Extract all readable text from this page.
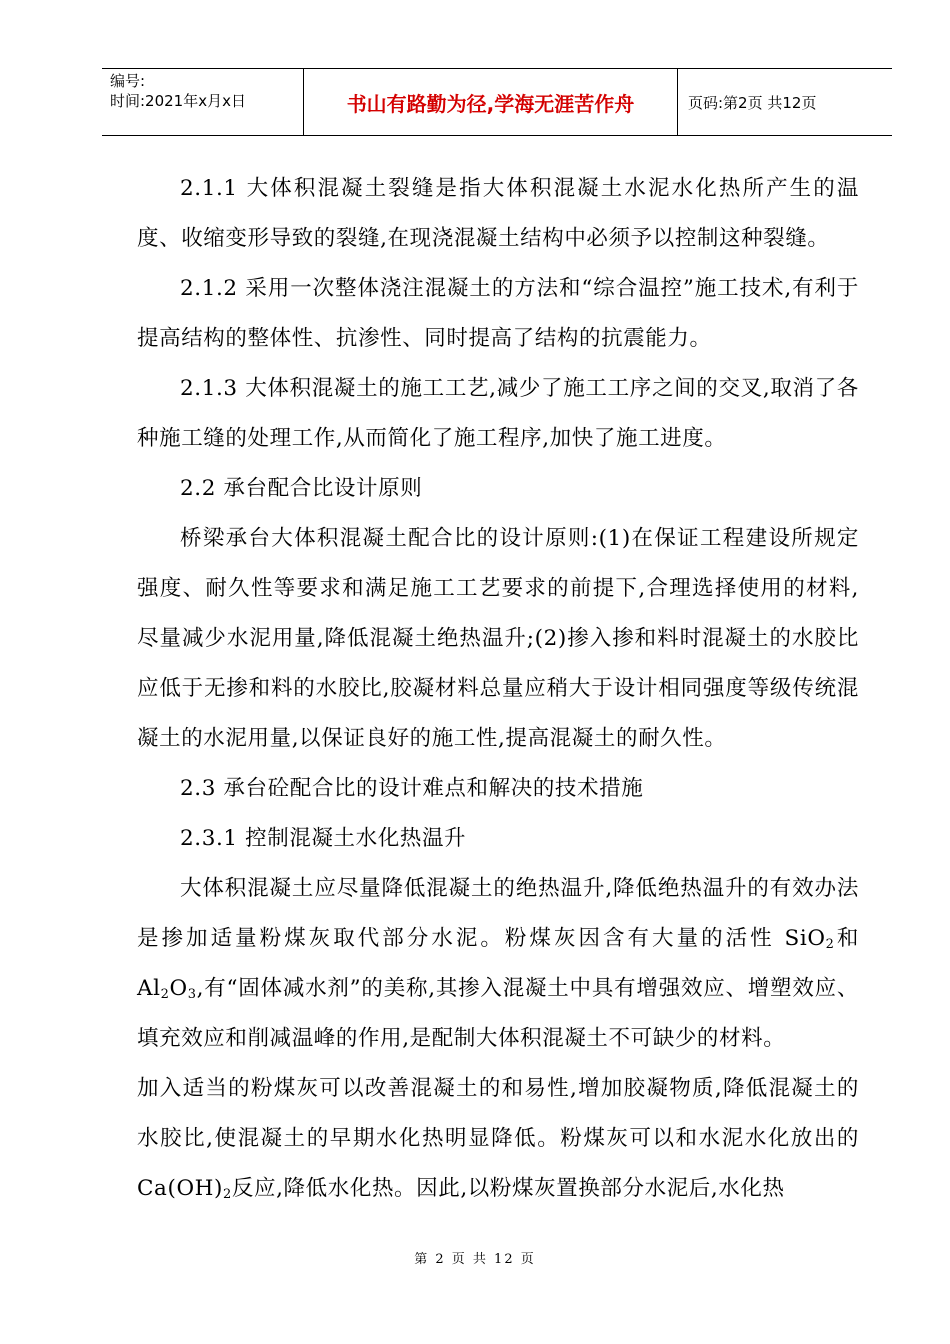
编号:
时间:2021年x月x日	书山有路勤为径,学海无涯苦作舟	页码:第2页 共12页

2.1.1 大体积混凝土裂缝是指大体积混凝土水泥水化热所产生的温度、收缩变形导致的裂缝,在现浇混凝土结构中必须予以控制这种裂缝。

2.1.2 采用一次整体浇注混凝土的方法和“综合温控”施工技术,有利于提高结构的整体性、抗渗性、同时提高了结构的抗震能力。

2.1.3 大体积混凝土的施工工艺,减少了施工工序之间的交叉,取消了各种施工缝的处理工作,从而简化了施工程序,加快了施工进度。

2.2 承台配合比设计原则

桥梁承台大体积混凝土配合比的设计原则:(1)在保证工程建设所规定强度、耐久性等要求和满足施工工艺要求的前提下,合理选择使用的材料,尽量减少水泥用量,降低混凝土绝热温升;(2)掺入掺和料时混凝土的水胶比应低于无掺和料的水胶比,胶凝材料总量应稍大于设计相同强度等级传统混凝土的水泥用量,以保证良好的施工性,提高混凝土的耐久性。

2.3 承台砼配合比的设计难点和解决的技术措施

2.3.1 控制混凝土水化热温升

大体积混凝土应尽量降低混凝土的绝热温升,降低绝热温升的有效办法是掺加适量粉煤灰取代部分水泥。粉煤灰因含有大量的活性 SiO$_2$和 $Al_2O_3$,有“固体减水剂”的美称,其掺入混凝土中具有增强效应、增塑效应、填充效应和削减温峰的作用,是配制大体积混凝土不可缺少的材料。

加入适当的粉煤灰可以改善混凝土的和易性,增加胶凝物质,降低混凝土的水胶比,使混凝土的早期水化热明显降低。粉煤灰可以和水泥水化放出的 $Ca(OH)_2$反应,降低水化热。因此,以粉煤灰置换部分水泥后,水化热

第 2 页 共 12 页
